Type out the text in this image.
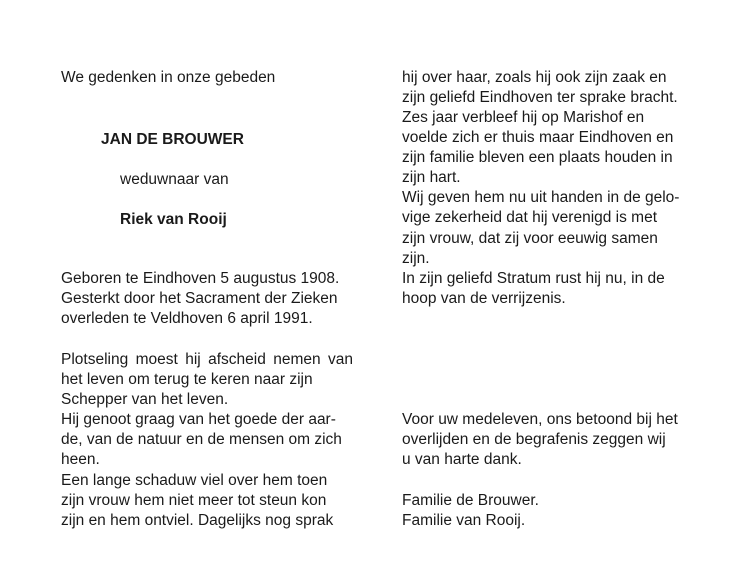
We gedenken in onze gebeden
JAN DE BROUWER
weduwnaar van
Riek van Rooij
Geboren te Eindhoven 5 augustus 1908.
Gesterkt door het Sacrament der Zieken
overleden te Veldhoven 6 april 1991.
Plotseling moest hij afscheid nemen van
het leven om terug te keren naar zijn
Schepper van het leven.
Hij genoot graag van het goede der aar-
de, van de natuur en de mensen om zich
heen.
Een lange schaduw viel over hem toen
zijn vrouw hem niet meer tot steun kon
zijn en hem ontviel. Dagelijks nog sprak
hij over haar, zoals hij ook zijn zaak en
zijn geliefd Eindhoven ter sprake bracht.
Zes jaar verbleef hij op Marishof en
voelde zich er thuis maar Eindhoven en
zijn familie bleven een plaats houden in
zijn hart.
Wij geven hem nu uit handen in de gelo-
vige zekerheid dat hij verenigd is met
zijn vrouw, dat zij voor eeuwig samen
zijn.
In zijn geliefd Stratum rust hij nu, in de
hoop van de verrijzenis.
Voor uw medeleven, ons betoond bij het
overlijden en de begrafenis zeggen wij
u van harte dank.
Familie de Brouwer.
Familie van Rooij.
